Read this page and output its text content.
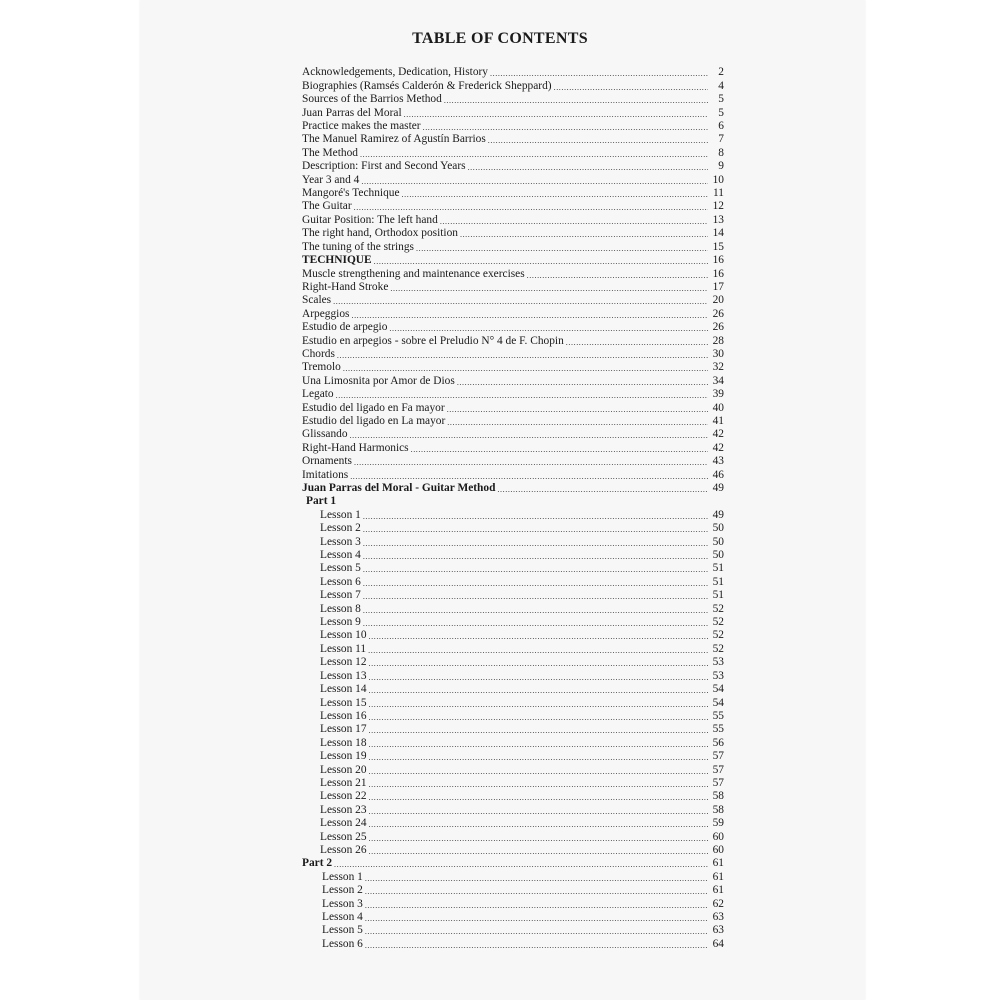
TABLE OF CONTENTS
Acknowledgements, Dedication, History .....	2
Biographies (Ramsés Calderón & Frederick Sheppard) .....	4
Sources of the Barrios Method .....	5
Juan Parras del Moral .....	5
Practice makes the master .....	6
The Manuel Ramirez of Agustín Barrios .....	7
The Method .....	8
Description: First and Second Years .....	9
Year 3 and 4 .....	10
Mangoré's Technique .....	11
The Guitar .....	12
Guitar Position: The left hand .....	13
The right hand, Orthodox position .....	14
The tuning of the strings .....	15
TECHNIQUE .....	16
Muscle strengthening and maintenance exercises .....	16
Right-Hand Stroke .....	17
Scales .....	20
Arpeggios .....	26
Estudio de arpegio .....	26
Estudio en arpegios - sobre el Preludio N° 4 de F. Chopin .....	28
Chords .....	30
Tremolo .....	32
Una Limosnita por Amor de Dios .....	34
Legato .....	39
Estudio del ligado en Fa mayor .....	40
Estudio del ligado en La mayor .....	41
Glissando .....	42
Right-Hand Harmonics .....	42
Ornaments .....	43
Imitations .....	46
Juan Parras del Moral - Guitar Method .....	49
Part 1
Lesson 1 .....	49
Lesson 2 .....	50
Lesson 3 .....	50
Lesson 4 .....	50
Lesson 5 .....	51
Lesson 6 .....	51
Lesson 7 .....	51
Lesson 8 .....	52
Lesson 9 .....	52
Lesson 10 .....	52
Lesson 11 .....	52
Lesson 12 .....	53
Lesson 13 .....	53
Lesson 14 .....	54
Lesson 15 .....	54
Lesson 16 .....	55
Lesson 17 .....	55
Lesson 18 .....	56
Lesson 19 .....	57
Lesson 20 .....	57
Lesson 21 .....	57
Lesson 22 .....	58
Lesson 23 .....	58
Lesson 24 .....	59
Lesson 25 .....	60
Lesson 26 .....	60
Part 2 .....	61
Lesson 1 .....	61
Lesson 2 .....	61
Lesson 3 .....	62
Lesson 4 .....	63
Lesson 5 .....	63
Lesson 6 .....	64
